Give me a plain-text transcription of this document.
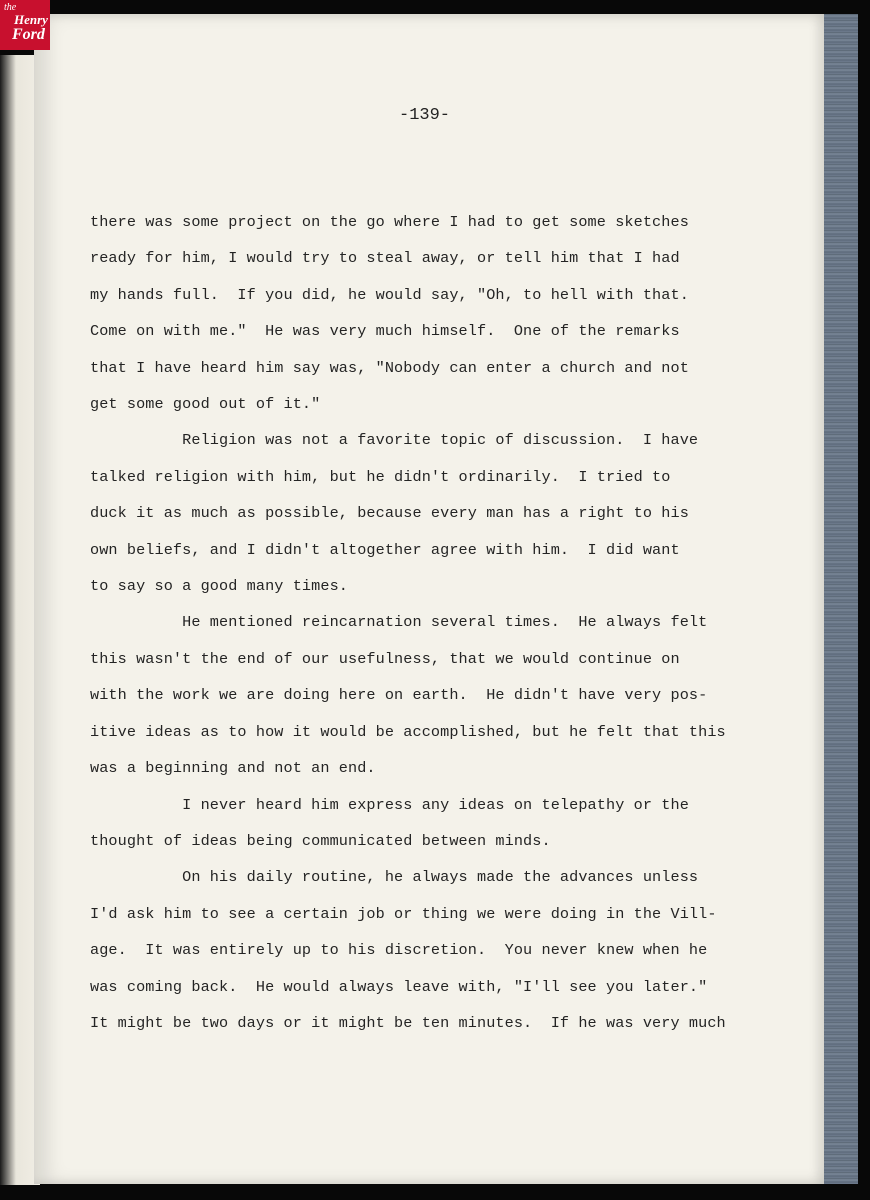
-139-
there was some project on the go where I had to get some sketches
ready for him, I would try to steal away, or tell him that I had
my hands full.  If you did, he would say, "Oh, to hell with that.
Come on with me."  He was very much himself.  One of the remarks
that I have heard him say was, "Nobody can enter a church and not
get some good out of it."
Religion was not a favorite topic of discussion.  I have
talked religion with him, but he didn't ordinarily.  I tried to
duck it as much as possible, because every man has a right to his
own beliefs, and I didn't altogether agree with him.  I did want
to say so a good many times.
He mentioned reincarnation several times.  He always felt
this wasn't the end of our usefulness, that we would continue on
with the work we are doing here on earth.  He didn't have very pos-
itive ideas as to how it would be accomplished, but he felt that this
was a beginning and not an end.
I never heard him express any ideas on telepathy or the
thought of ideas being communicated between minds.
On his daily routine, he always made the advances unless
I'd ask him to see a certain job or thing we were doing in the Vill-
age.  It was entirely up to his discretion.  You never knew when he
was coming back.  He would always leave with, "I'll see you later."
It might be two days or it might be ten minutes.  If he was very much
the
Henry
Ford
